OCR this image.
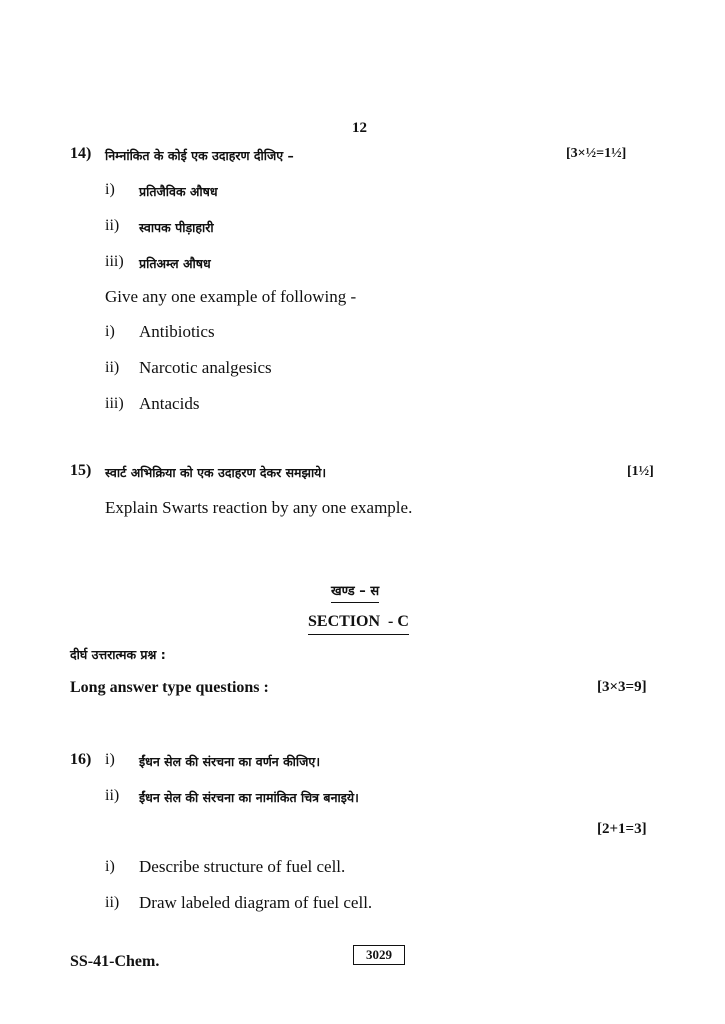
12
14) निम्नांकित के कोई एक उदाहरण दीजिए –	[3×½=1½]
i) प्रतिजैविक औषध
ii) स्वापक पीड़ाहारी
iii) प्रतिअम्ल औषध
Give any one example of following -
i) Antibiotics
ii) Narcotic analgesics
iii) Antacids
15) स्वार्ट अभिक्रिया को एक उदाहरण देकर समझाये।	[1½]
Explain Swarts reaction by any one example.
खण्ड – स
SECTION  - C
दीर्घ उत्तरात्मक प्रश्न :
Long answer type questions :	[3×3=9]
16) i) ईंधन सेल की संरचना का वर्णन कीजिए।
ii) ईंधन सेल की संरचना का नामांकित चित्र बनाइये।
[2+1=3]
i) Describe structure of fuel cell.
ii) Draw labeled diagram of fuel cell.
SS-41-Chem.	3029
